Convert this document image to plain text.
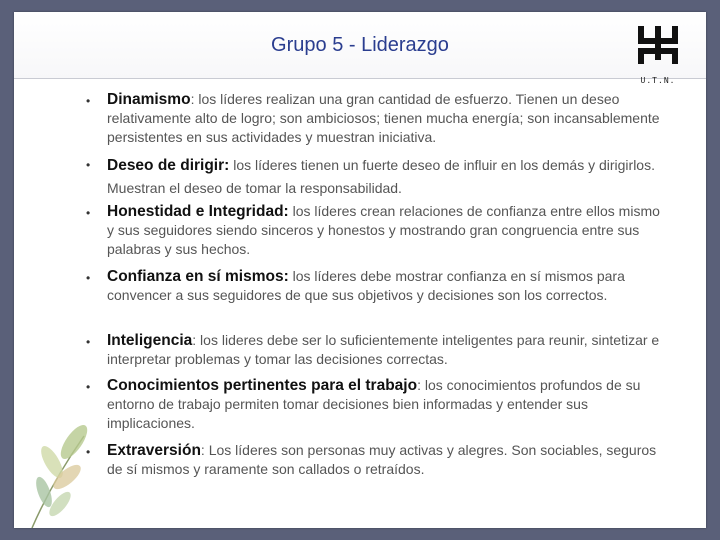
Grupo 5 - Liderazgo
U.T.N.
• Dinamismo: los líderes realizan una gran cantidad de esfuerzo. Tienen un deseo relativamente alto de logro; son ambiciosos; tienen mucha energía; son incansablemente persistentes en sus actividades y muestran iniciativa.
• Deseo de dirigir: los líderes tienen un fuerte deseo de influir en los demás y dirigirlos. Muestran el deseo de tomar la responsabilidad.
• Honestidad e Integridad: los líderes crean relaciones de confianza entre ellos mismo y sus seguidores siendo sinceros y honestos y mostrando gran congruencia entre sus palabras y sus hechos.
• Confianza en sí mismos: los líderes debe mostrar confianza en sí mismos para convencer a sus seguidores de que sus objetivos y decisiones son los correctos.
• Inteligencia: los lideres debe ser lo suficientemente inteligentes para reunir, sintetizar e interpretar problemas y tomar las decisiones correctas.
• Conocimientos pertinentes para el trabajo: los conocimientos profundos de su entorno de trabajo permiten tomar decisiones bien informadas y entender sus implicaciones.
• Extraversión: Los líderes son personas muy activas y alegres. Son sociables, seguros de sí mismos y raramente son callados o retraídos.
